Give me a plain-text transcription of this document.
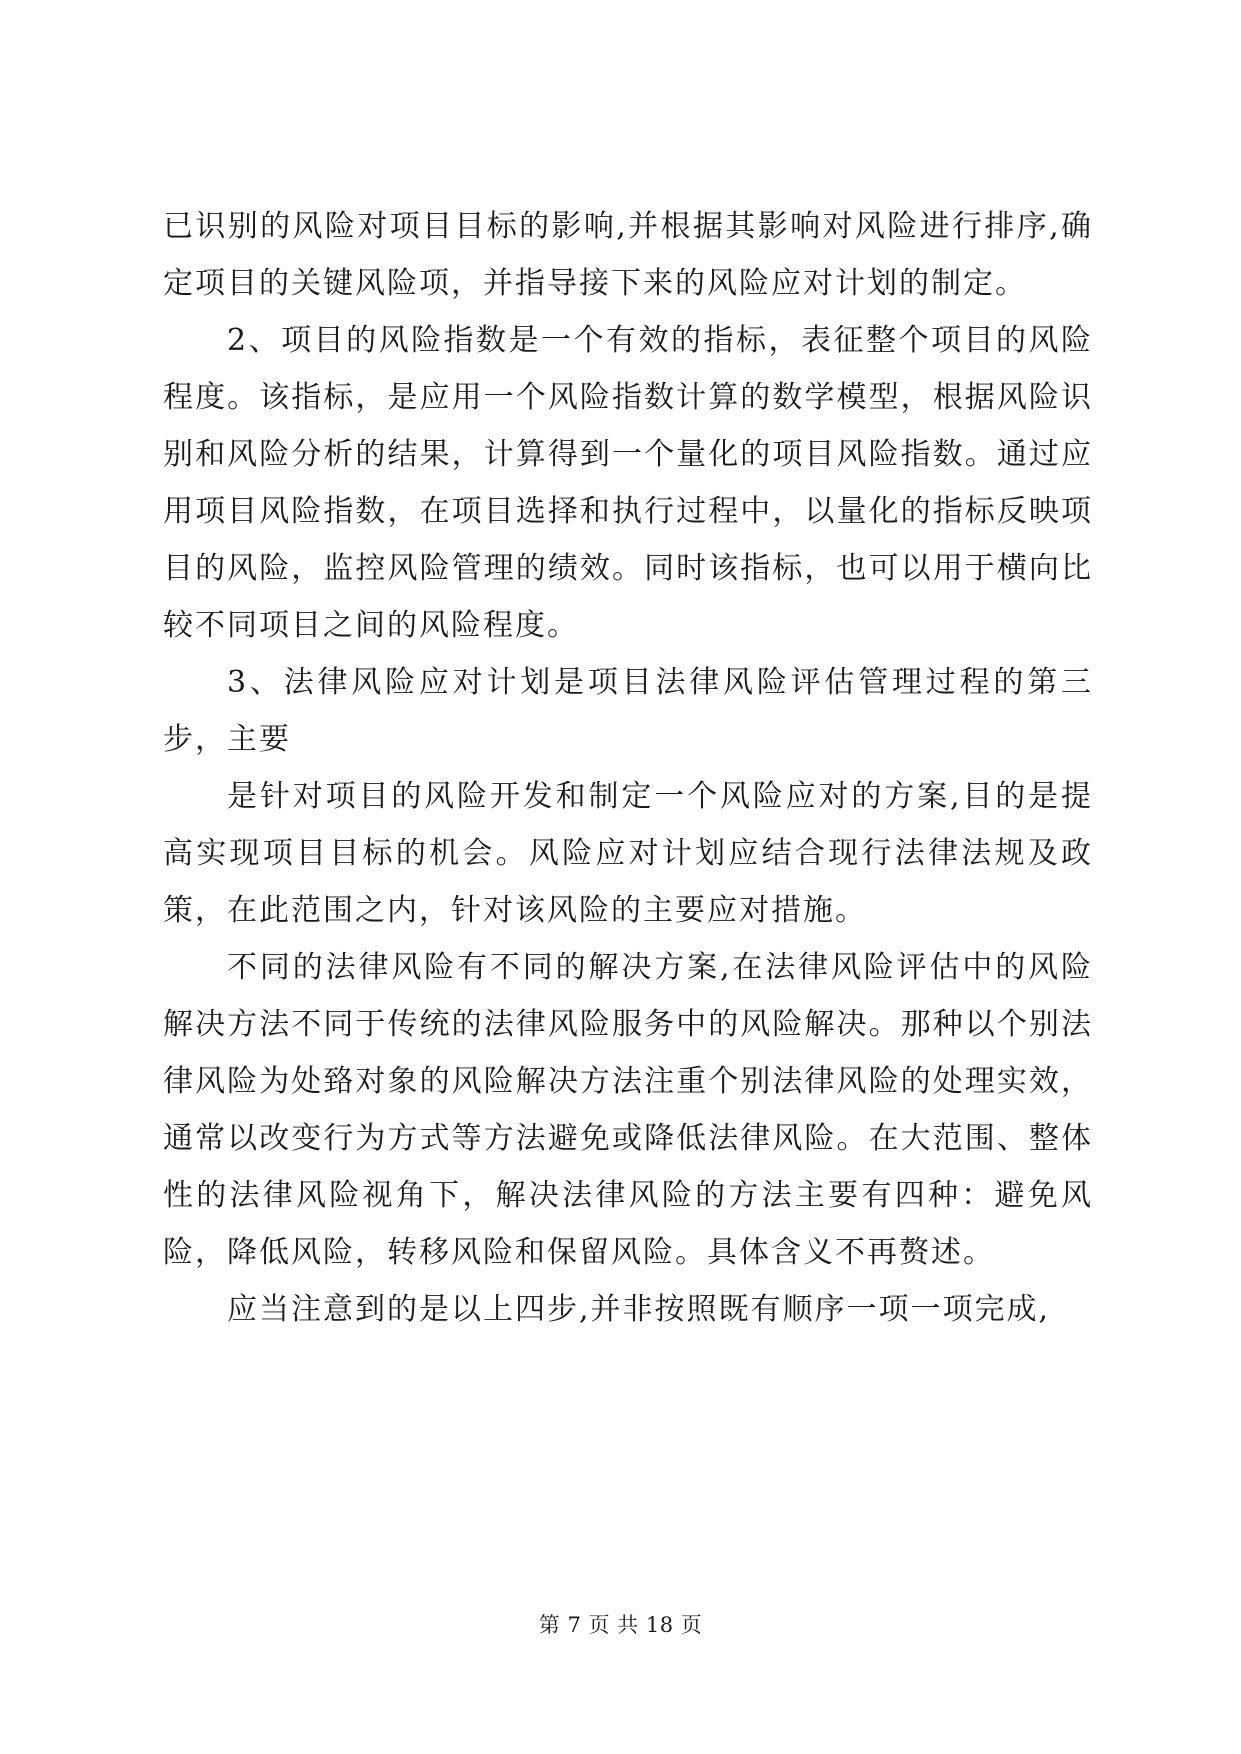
已识别的风险对项目目标的影响,并根据其影响对风险进行排序,确定项目的关键风险项，并指导接下来的风险应对计划的制定。

2、项目的风险指数是一个有效的指标，表征整个项目的风险程度。该指标，是应用一个风险指数计算的数学模型，根据风险识别和风险分析的结果，计算得到一个量化的项目风险指数。通过应用项目风险指数，在项目选择和执行过程中，以量化的指标反映项目的风险，监控风险管理的绩效。同时该指标，也可以用于横向比较不同项目之间的风险程度。

3、法律风险应对计划是项目法律风险评估管理过程的第三步，主要

是针对项目的风险开发和制定一个风险应对的方案,目的是提高实现项目目标的机会。风险应对计划应结合现行法律法规及政策，在此范围之内，针对该风险的主要应对措施。

不同的法律风险有不同的解决方案,在法律风险评估中的风险解决方法不同于传统的法律风险服务中的风险解决。那种以个别法律风险为处臵对象的风险解决方法注重个别法律风险的处理实效，通常以改变行为方式等方法避免或降低法律风险。在大范围、整体性的法律风险视角下，解决法律风险的方法主要有四种：避免风险，降低风险，转移风险和保留风险。具体含义不再赘述。

应当注意到的是以上四步,并非按照既有顺序一项一项完成,

第 7 页 共 18 页
